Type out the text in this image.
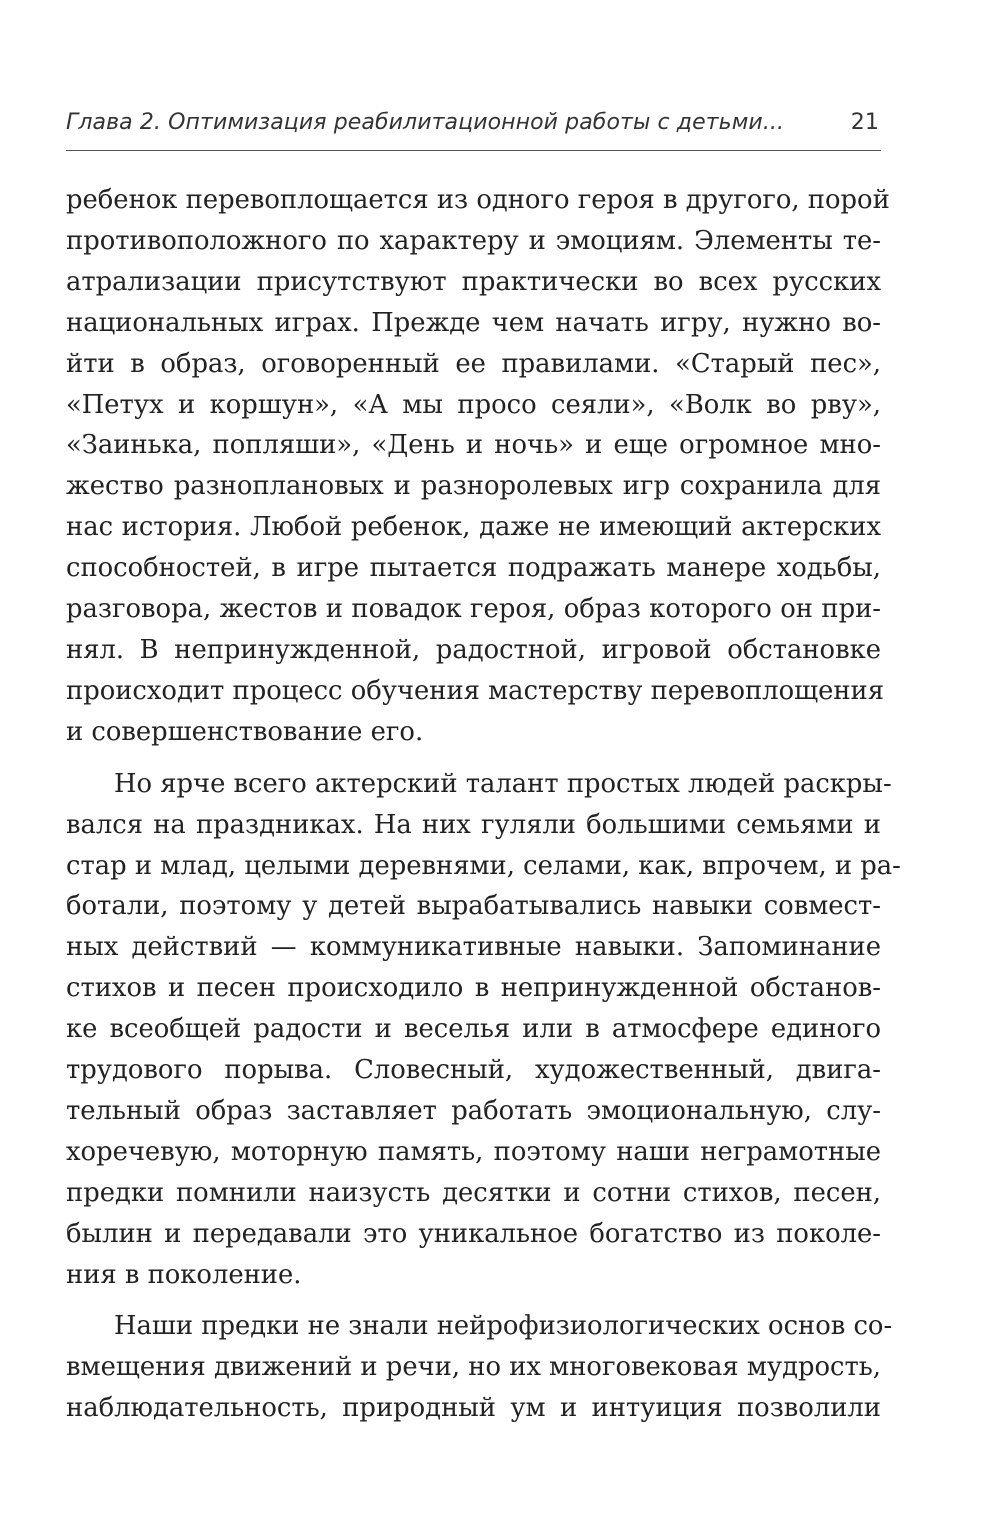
Глава 2. Оптимизация реабилитационной работы с детьми...	21
ребенок перевоплощается из одного героя в другого, порой
противоположного по характеру и эмоциям. Элементы те-
атрализации присутствуют практически во всех русских
национальных играх. Прежде чем начать игру, нужно во-
йти в образ, оговоренный ее правилами. «Старый пес»,
«Петух и коршун», «А мы просо сеяли», «Волк во рву»,
«Заинька, попляши», «День и ночь» и еще огромное мно-
жество разноплановых и разноролевых игр сохранила для
нас история. Любой ребенок, даже не имеющий актерских
способностей, в игре пытается подражать манере ходьбы,
разговора, жестов и повадок героя, образ которого он при-
нял. В непринужденной, радостной, игровой обстановке
происходит процесс обучения мастерству перевоплощения
и совершенствование его.
Но ярче всего актерский талант простых людей раскры-
вался на праздниках. На них гуляли большими семьями и
стар и млад, целыми деревнями, селами, как, впрочем, и ра-
ботали, поэтому у детей вырабатывались навыки совмест-
ных действий — коммуникативные навыки. Запоминание
стихов и песен происходило в непринужденной обстанов-
ке всеобщей радости и веселья или в атмосфере единого
трудового порыва. Словесный, художественный, двига-
тельный образ заставляет работать эмоциональную, слу-
хоречевую, моторную память, поэтому наши неграмотные
предки помнили наизусть десятки и сотни стихов, песен,
былин и передавали это уникальное богатство из поколе-
ния в поколение.
Наши предки не знали нейрофизиологических основ со-
вмещения движений и речи, но их многовековая мудрость,
наблюдательность, природный ум и интуиция позволили
